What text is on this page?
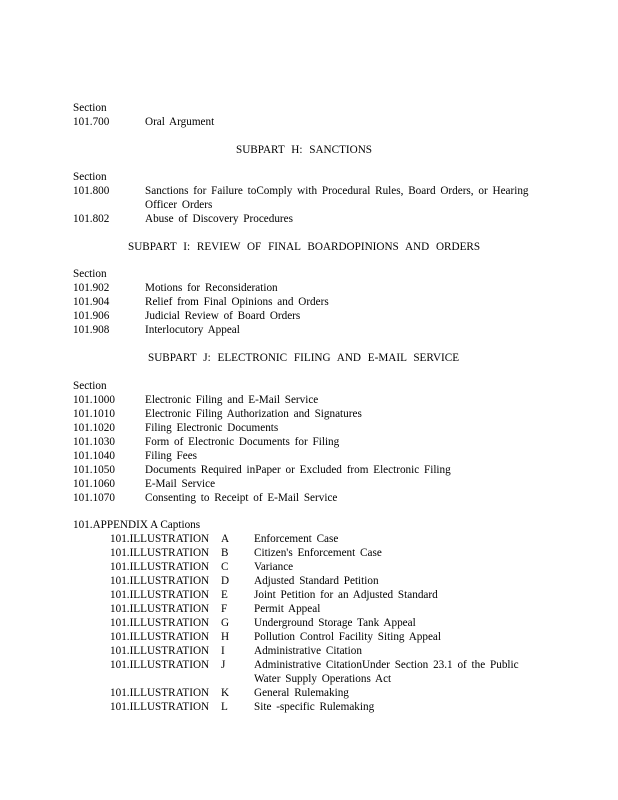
Section
101.700	Oral Argument
SUBPART H: SANCTIONS
Section
101.800	Sanctions for Failure toComply with Procedural Rules, Board Orders, or Hearing Officer Orders
101.802	Abuse of Discovery Procedures
SUBPART I: REVIEW OF FINAL BOARDOPINIONS AND ORDERS
Section
101.902	Motions for Reconsideration
101.904	Relief from Final Opinions and Orders
101.906	Judicial Review of Board Orders
101.908	Interlocutory Appeal
SUBPART J: ELECTRONIC FILING AND E-MAIL SERVICE
Section
101.1000	Electronic Filing and E-Mail Service
101.1010	Electronic Filing Authorization and Signatures
101.1020	Filing Electronic Documents
101.1030	Form of Electronic Documents for Filing
101.1040	Filing Fees
101.1050	Documents Required inPaper or Excluded from Electronic Filing
101.1060	E-Mail Service
101.1070	Consenting to Receipt of E-Mail Service
101.APPENDIX A Captions
101.ILLUSTRATION A Enforcement Case
101.ILLUSTRATION B Citizen's Enforcement Case
101.ILLUSTRATION C Variance
101.ILLUSTRATION D Adjusted Standard Petition
101.ILLUSTRATION E Joint Petition for an Adjusted Standard
101.ILLUSTRATION F Permit Appeal
101.ILLUSTRATION G Underground Storage Tank Appeal
101.ILLUSTRATION H Pollution Control Facility Siting Appeal
101.ILLUSTRATION I	Administrative Citation
101.ILLUSTRATION J	Administrative CitationUnder Section 23.1 of the Public Water Supply Operations Act
101.ILLUSTRATION K General Rulemaking
101.ILLUSTRATION L Site -specific Rulemaking
